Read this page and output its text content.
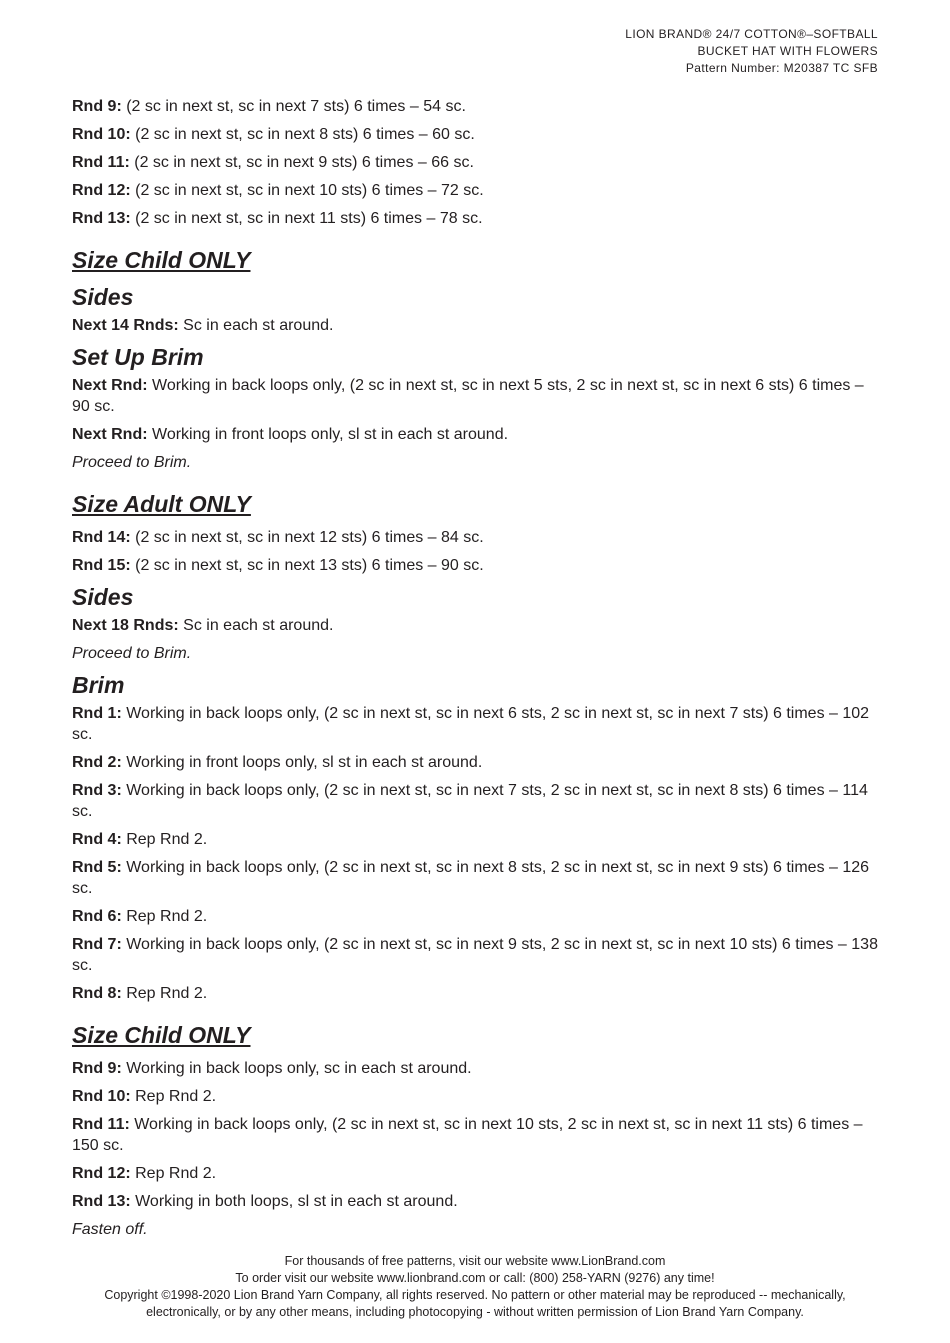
LION BRAND® 24/7 COTTON®–SOFTBALL
BUCKET HAT WITH FLOWERS
Pattern Number: M20387 TC SFB
Rnd 9: (2 sc in next st, sc in next 7 sts) 6 times – 54 sc.
Rnd 10: (2 sc in next st, sc in next 8 sts) 6 times – 60 sc.
Rnd 11: (2 sc in next st, sc in next 9 sts) 6 times – 66 sc.
Rnd 12: (2 sc in next st, sc in next 10 sts) 6 times – 72 sc.
Rnd 13: (2 sc in next st, sc in next 11 sts) 6 times – 78 sc.
Size Child ONLY
Sides
Next 14 Rnds: Sc in each st around.
Set Up Brim
Next Rnd: Working in back loops only, (2 sc in next st, sc in next 5 sts, 2 sc in next st, sc in next 6 sts) 6 times – 90 sc.
Next Rnd: Working in front loops only, sl st in each st around.
Proceed to Brim.
Size Adult ONLY
Rnd 14: (2 sc in next st, sc in next 12 sts) 6 times – 84 sc.
Rnd 15: (2 sc in next st, sc in next 13 sts) 6 times – 90 sc.
Sides
Next 18 Rnds: Sc in each st around.
Proceed to Brim.
Brim
Rnd 1: Working in back loops only, (2 sc in next st, sc in next 6 sts, 2 sc in next st, sc in next 7 sts) 6 times – 102 sc.
Rnd 2: Working in front loops only, sl st in each st around.
Rnd 3: Working in back loops only, (2 sc in next st, sc in next 7 sts, 2 sc in next st, sc in next 8 sts) 6 times – 114 sc.
Rnd 4: Rep Rnd 2.
Rnd 5: Working in back loops only, (2 sc in next st, sc in next 8 sts, 2 sc in next st, sc in next 9 sts) 6 times – 126 sc.
Rnd 6: Rep Rnd 2.
Rnd 7: Working in back loops only, (2 sc in next st, sc in next 9 sts, 2 sc in next st, sc in next 10 sts) 6 times – 138 sc.
Rnd 8: Rep Rnd 2.
Size Child ONLY
Rnd 9: Working in back loops only, sc in each st around.
Rnd 10: Rep Rnd 2.
Rnd 11: Working in back loops only, (2 sc in next st, sc in next 10 sts, 2 sc in next st, sc in next 11 sts) 6 times – 150 sc.
Rnd 12: Rep Rnd 2.
Rnd 13: Working in both loops, sl st in each st around.
Fasten off.
For thousands of free patterns, visit our website www.LionBrand.com
To order visit our website www.lionbrand.com or call: (800) 258-YARN (9276) any time!
Copyright ©1998-2020 Lion Brand Yarn Company, all rights reserved. No pattern or other material may be reproduced -- mechanically,
electronically, or by any other means, including photocopying - without written permission of Lion Brand Yarn Company.
